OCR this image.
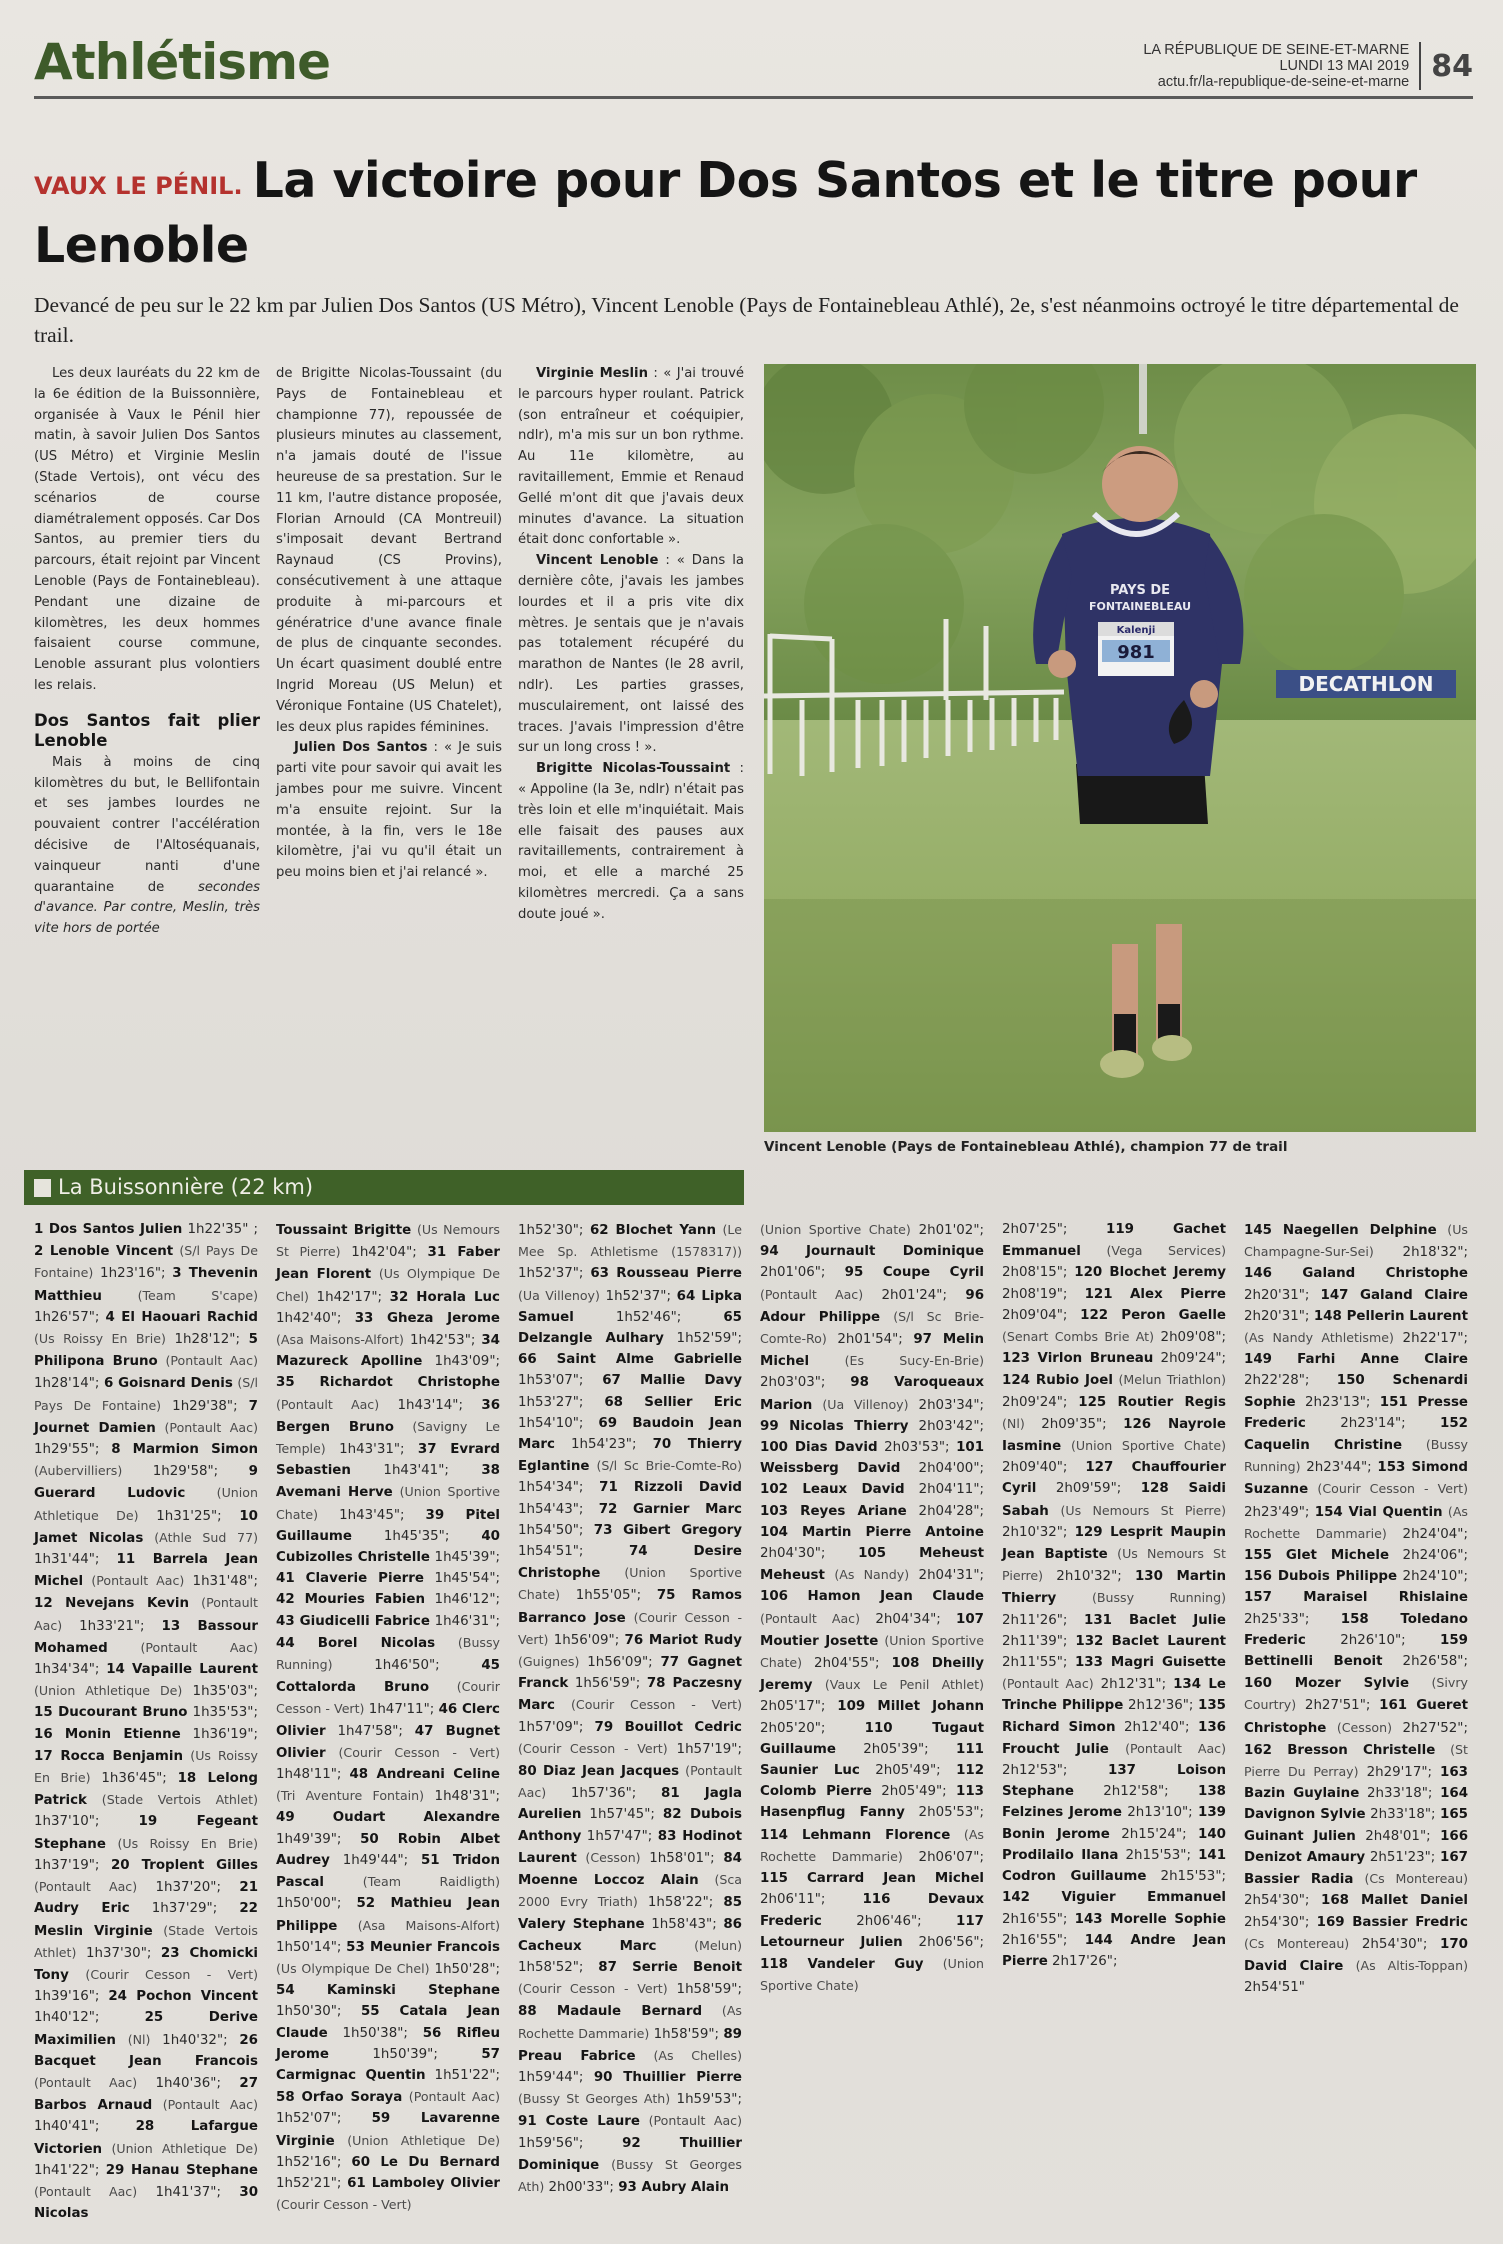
Athlétisme	LA RÉPUBLIQUE DE SEINE-ET-MARNE
LUNDI 13 MAI 2019
actu.fr/la-republique-de-seine-et-marne 84
VAUX LE PÉNIL. La victoire pour Dos Santos et le titre pour Lenoble
Devancé de peu sur le 22 km par Julien Dos Santos (US Métro), Vincent Lenoble (Pays de Fontainebleau Athlé), 2e, s'est néanmoins octroyé le titre départemental de trail.

Les deux lauréats du 22 km de la 6e édition de la Buissonnière, organisée à Vaux le Pénil hier matin, à savoir Julien Dos Santos (US Métro) et Virginie Meslin (Stade Vertois), ont vécu des scénarios de course diamétralement opposés. Car Dos Santos, au premier tiers du parcours, était rejoint par Vincent Lenoble (Pays de Fontainebleau). Pendant une dizaine de kilomètres, les deux hommes faisaient course commune, Lenoble assurant plus volontiers les relais.

Dos Santos fait plier Lenoble

Mais à moins de cinq kilomètres du but, le Bellifontain et ses jambes lourdes ne pouvaient contrer l'accélération décisive de l'Altoséquanais, vainqueur nanti d'une quarantaine de	secondes d'avance. Par contre, Meslin, très vite hors de portée

de Brigitte Nicolas-Toussaint (du Pays de Fontainebleau et championne 77), repoussée de plusieurs minutes au classement, n'a jamais douté de l'issue heureuse de sa prestation. Sur le 11 km, l'autre distance proposée, Florian Arnould (CA Montreuil) s'imposait devant Bertrand Raynaud (CS Provins), consécutivement à une attaque produite à mi-parcours et génératrice d'une avance finale de plus de cinquante secondes. Un écart quasiment doublé entre Ingrid Moreau (US Melun) et Véronique Fontaine (US Chatelet), les deux plus rapides féminines.

Julien Dos Santos : « Je suis parti vite pour savoir qui avait les jambes pour me suivre. Vincent m'a ensuite rejoint. Sur la montée, à la fin, vers le 18e kilomètre, j'ai vu qu'il était un peu moins bien et j'ai relancé ».

Virginie Meslin : « J'ai trouvé le parcours hyper roulant. Patrick (son entraîneur et coéquipier, ndlr), m'a mis sur un bon rythme. Au 11e kilomètre, au ravitaillement, Emmie et Renaud Gellé m'ont dit que j'avais deux minutes d'avance. La situation était donc confortable ».

Vincent Lenoble : « Dans la dernière côte, j'avais les jambes lourdes et il a pris vite dix mètres. Je sentais que je n'avais pas totalement récupéré du marathon de Nantes (le 28 avril, ndlr). Les parties grasses, musculairement, ont laissé des traces. J'avais l'impression d'être sur un long cross ! ».

Brigitte Nicolas-Toussaint : « Appoline (la 3e, ndlr) n'était pas très loin et elle m'inquiétait. Mais elle faisait des pauses aux ravitaillements, contrairement à moi, et elle a marché 25 kilomètres mercredi. Ça a sans doute joué ».

DECATHLON
PAYS DE
FONTAINEBLEAU
Kalenji
981
Vincent Lenoble (Pays de Fontainebleau Athlé), champion 77 de trail
La Buissonnière (22 km)
1 Dos Santos Julien 1h22'35" ; 2 Lenoble Vincent (S/l Pays De Fontaine) 1h23'16"; 3 Thevenin Matthieu	(Team S'cape) 1h26'57"; 4 El Haouari Rachid (Us Roissy En Brie) 1h28'12"; 5 Philipona Bruno (Pontault Aac) 1h28'14"; 6 Goisnard Denis (S/l Pays De Fontaine) 1h29'38"; 7 Journet Damien (Pontault Aac) 1h29'55"; 8 Marmion Simon (Aubervilliers) 1h29'58"; 9 Guerard Ludovic (Union Athletique De) 1h31'25"; 10 Jamet Nicolas (Athle Sud 77) 1h31'44"; 11 Barrela Jean Michel (Pontault Aac) 1h31'48"; 12 Nevejans Kevin (Pontault Aac) 1h33'21"; 13 Bassour Mohamed	(Pontault Aac) 1h34'34"; 14 Vapaille Laurent (Union Athletique De) 1h35'03"; 15 Ducourant Bruno 1h35'53"; 16 Monin Etienne 1h36'19"; 17 Rocca Benjamin (Us Roissy En Brie) 1h36'45"; 18 Lelong Patrick (Stade Vertois Athlet) 1h37'10"; 19 Fegeant Stephane (Us Roissy En Brie) 1h37'19"; 20 Troplent Gilles (Pontault Aac) 1h37'20"; 21 Audry Eric 1h37'29"; 22 Meslin Virginie (Stade Vertois Athlet) 1h37'30"; 23 Chomicki Tony (Courir Cesson - Vert) 1h39'16"; 24 Pochon Vincent 1h40'12"; 25 Derive Maximilien (Nl) 1h40'32"; 26 Bacquet Jean Francois (Pontault Aac) 1h40'36"; 27 Barbos Arnaud (Pontault Aac) 1h40'41"; 28 Lafargue Victorien (Union Athletique De) 1h41'22"; 29 Hanau Stephane (Pontault Aac) 1h41'37"; 30 Nicolas
Toussaint Brigitte (Us Nemours St Pierre) 1h42'04"; 31 Faber Jean Florent (Us Olympique De Chel) 1h42'17"; 32 Horala Luc 1h42'40"; 33 Gheza Jerome (Asa Maisons-Alfort) 1h42'53"; 34 Mazureck Apolline 1h43'09"; 35 Richardot Christophe (Pontault Aac) 1h43'14"; 36 Bergen Bruno (Savigny Le Temple) 1h43'31"; 37 Evrard Sebastien 1h43'41"; 38 Avemani Herve (Union Sportive Chate) 1h43'45"; 39 Pitel Guillaume 1h45'35"; 40 Cubizolles Christelle 1h45'39"; 41 Claverie Pierre 1h45'54"; 42 Mouries Fabien 1h46'12"; 43 Giudicelli Fabrice 1h46'31"; 44 Borel Nicolas (Bussy Running) 1h46'50"; 45 Cottalorda Bruno (Courir Cesson - Vert) 1h47'11"; 46 Clerc Olivier 1h47'58"; 47 Bugnet Olivier (Courir Cesson - Vert) 1h48'11"; 48 Andreani Celine (Tri Aventure Fontain) 1h48'31"; 49 Oudart Alexandre 1h49'39"; 50 Robin Albet Audrey 1h49'44"; 51 Tridon Pascal	(Team Raidligth) 1h50'00"; 52 Mathieu Jean Philippe (Asa Maisons-Alfort) 1h50'14"; 53 Meunier Francois (Us Olympique De Chel) 1h50'28"; 54 Kaminski Stephane 1h50'30"; 55 Catala Jean Claude 1h50'38"; 56 Rifleu Jerome 1h50'39"; 57 Carmignac Quentin 1h51'22"; 58 Orfao Soraya (Pontault Aac) 1h52'07"; 59 Lavarenne Virginie (Union Athletique De) 1h52'16"; 60 Le Du Bernard 1h52'21"; 61 Lamboley Olivier (Courir Cesson - Vert)
1h52'30"; 62 Blochet Yann (Le Mee Sp. Athletisme (1578317)) 1h52'37"; 63 Rousseau Pierre (Ua Villenoy) 1h52'37"; 64 Lipka Samuel 1h52'46"; 65 Delzangle Aulhary 1h52'59"; 66 Saint Alme Gabrielle 1h53'07"; 67 Mallie Davy 1h53'27"; 68 Sellier Eric 1h54'10"; 69 Baudoin Jean Marc 1h54'23"; 70 Thierry Eglantine (S/l Sc Brie-Comte-Ro) 1h54'34"; 71 Rizzoli David 1h54'43"; 72 Garnier Marc 1h54'50"; 73 Gibert Gregory 1h54'51"; 74 Desire Christophe (Union Sportive Chate) 1h55'05"; 75 Ramos Barranco Jose (Courir Cesson - Vert) 1h56'09"; 76 Mariot Rudy (Guignes) 1h56'09"; 77 Gagnet Franck 1h56'59"; 78 Paczesny Marc (Courir Cesson - Vert) 1h57'09"; 79 Bouillot Cedric (Courir Cesson - Vert) 1h57'19"; 80 Diaz Jean Jacques (Pontault Aac) 1h57'36"; 81 Jagla Aurelien 1h57'45"; 82 Dubois Anthony 1h57'47"; 83 Hodinot Laurent (Cesson) 1h58'01"; 84 Moenne Loccoz Alain (Sca 2000 Evry Triath) 1h58'22"; 85 Valery Stephane 1h58'43"; 86 Cacheux Marc	(Melun) 1h58'52"; 87 Serrie Benoit (Courir Cesson - Vert) 1h58'59"; 88 Madaule Bernard (As Rochette Dammarie) 1h58'59"; 89 Preau Fabrice (As Chelles) 1h59'44"; 90 Thuillier Pierre (Bussy St Georges Ath) 1h59'53"; 91 Coste Laure (Pontault Aac) 1h59'56"; 92 Thuillier Dominique (Bussy St Georges Ath) 2h00'33"; 93 Aubry Alain
(Union Sportive Chate) 2h01'02"; 94 Journault Dominique 2h01'06"; 95 Coupe Cyril (Pontault Aac) 2h01'24"; 96 Adour Philippe (S/l Sc Brie-Comte-Ro) 2h01'54"; 97 Melin Michel	(Es Sucy-En-Brie) 2h03'03"; 98 Varoqueaux Marion (Ua Villenoy) 2h03'34"; 99 Nicolas Thierry 2h03'42"; 100 Dias David 2h03'53"; 101 Weissberg David 2h04'00"; 102 Leaux David 2h04'11"; 103 Reyes Ariane 2h04'28"; 104 Martin Pierre Antoine 2h04'30"; 105 Meheust Meheust (As Nandy) 2h04'31"; 106 Hamon Jean Claude (Pontault Aac) 2h04'34"; 107 Moutier Josette (Union Sportive Chate) 2h04'55"; 108 Dheilly Jeremy (Vaux Le Penil Athlet) 2h05'17"; 109 Millet Johann 2h05'20"; 110 Tugaut Guillaume 2h05'39"; 111 Saunier Luc 2h05'49"; 112 Colomb Pierre 2h05'49"; 113 Hasenpflug Fanny 2h05'53"; 114 Lehmann Florence (As Rochette Dammarie) 2h06'07"; 115 Carrard Jean Michel 2h06'11"; 116 Devaux Frederic 2h06'46"; 117 Letourneur Julien 2h06'56"; 118 Vandeler Guy (Union Sportive Chate)
2h07'25"; 119 Gachet Emmanuel (Vega Services) 2h08'15"; 120 Blochet Jeremy 2h08'19"; 121 Alex Pierre 2h09'04"; 122 Peron Gaelle (Senart Combs Brie At) 2h09'08"; 123 Virlon Bruneau 2h09'24"; 124 Rubio Joel (Melun Triathlon) 2h09'24"; 125 Routier Regis (Nl) 2h09'35"; 126 Nayrole Iasmine (Union Sportive Chate) 2h09'40"; 127 Chauffourier Cyril 2h09'59"; 128 Saidi Sabah (Us Nemours St Pierre) 2h10'32"; 129 Lesprit Maupin Jean Baptiste (Us Nemours St Pierre) 2h10'32"; 130 Martin Thierry	(Bussy Running) 2h11'26"; 131 Baclet Julie 2h11'39"; 132 Baclet Laurent 2h11'55"; 133 Magri Guisette (Pontault Aac) 2h12'31"; 134 Le Trinche Philippe 2h12'36"; 135 Richard Simon 2h12'40"; 136 Froucht Julie (Pontault Aac) 2h12'53"; 137 Loison Stephane 2h12'58"; 138 Felzines Jerome 2h13'10"; 139 Bonin Jerome 2h15'24"; 140 Prodilailo Ilana 2h15'53"; 141 Codron Guillaume 2h15'53"; 142 Viguier Emmanuel 2h16'55"; 143 Morelle Sophie 2h16'55"; 144 Andre Jean Pierre 2h17'26";
145 Naegellen Delphine (Us Champagne-Sur-Sei) 2h18'32"; 146 Galand Christophe 2h20'31"; 147 Galand Claire 2h20'31"; 148 Pellerin Laurent (As Nandy Athletisme) 2h22'17"; 149 Farhi Anne Claire 2h22'28"; 150 Schenardi Sophie 2h23'13"; 151 Presse Frederic 2h23'14"; 152 Caquelin Christine (Bussy Running) 2h23'44"; 153 Simond Suzanne (Courir Cesson - Vert) 2h23'49"; 154 Vial Quentin (As Rochette Dammarie) 2h24'04"; 155 Glet Michele 2h24'06"; 156 Dubois Philippe 2h24'10"; 157 Maraisel Rhislaine 2h25'33"; 158 Toledano Frederic 2h26'10"; 159 Bettinelli Benoit 2h26'58"; 160 Mozer Sylvie (Sivry Courtry) 2h27'51"; 161 Gueret Christophe (Cesson) 2h27'52"; 162 Bresson Christelle (St Pierre Du Perray) 2h29'17"; 163 Bazin Guylaine 2h33'18"; 164 Davignon Sylvie 2h33'18"; 165 Guinant Julien 2h48'01"; 166 Denizot Amaury 2h51'23"; 167 Bassier Radia (Cs Montereau) 2h54'30"; 168 Mallet Daniel 2h54'30"; 169 Bassier Fredric (Cs Montereau) 2h54'30"; 170 David Claire (As Altis-Toppan) 2h54'51"
